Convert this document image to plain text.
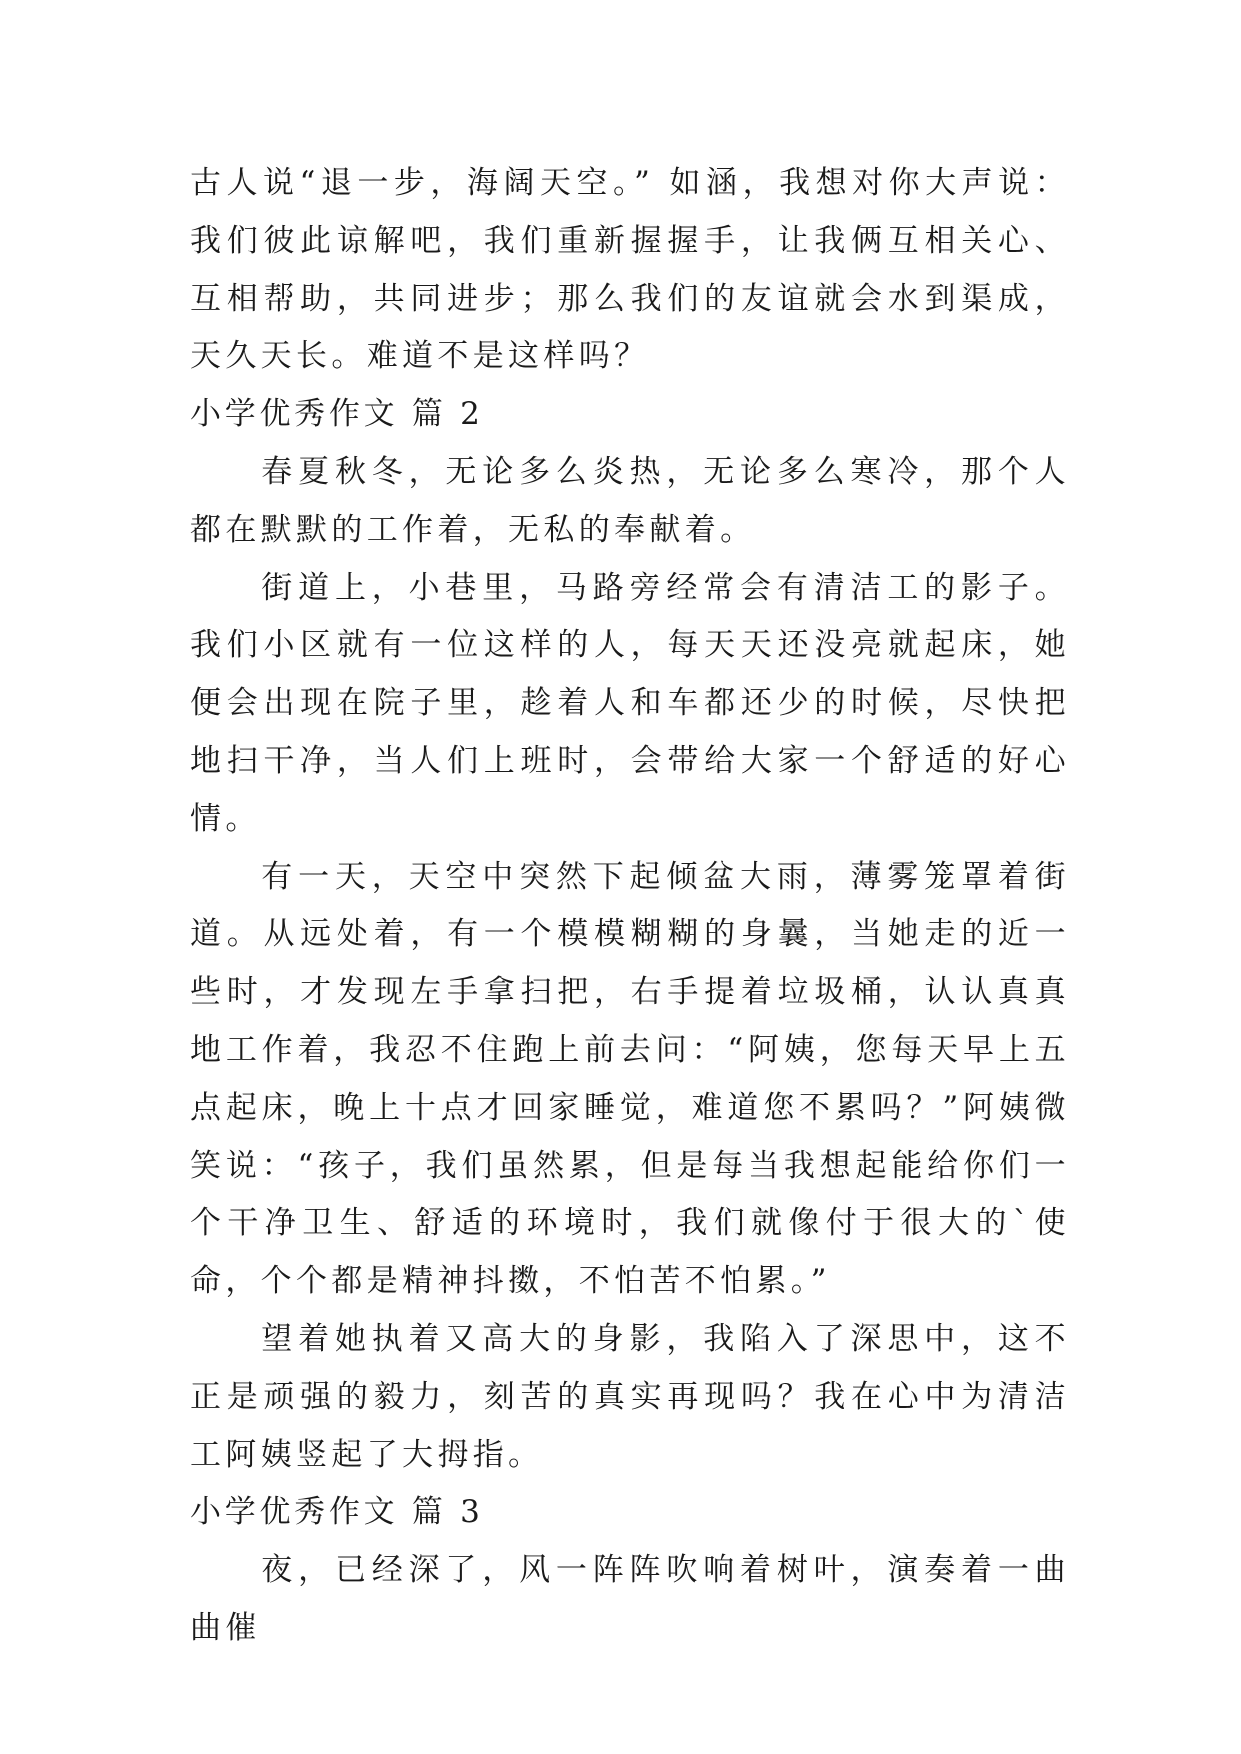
古人说“退一步，海阔天空。” 如涵，我想对你大声说：我们彼此谅解吧，我们重新握握手，让我俩互相关心、互相帮助，共同进步；那么我们的友谊就会水到渠成，天久天长。难道不是这样吗？

小学优秀作文 篇 2

春夏秋冬，无论多么炎热，无论多么寒冷，那个人都在默默的工作着，无私的奉献着。

街道上，小巷里，马路旁经常会有清洁工的影子。我们小区就有一位这样的人，每天天还没亮就起床，她便会出现在院子里，趁着人和车都还少的时候，尽快把地扫干净，当人们上班时，会带给大家一个舒适的好心情。

有一天，天空中突然下起倾盆大雨，薄雾笼罩着街道。从远处着，有一个模模糊糊的身曩，当她走的近一些时，才发现左手拿扫把，右手提着垃圾桶，认认真真地工作着，我忍不住跑上前去问：“阿姨，您每天早上五点起床，晚上十点才回家睡觉，难道您不累吗？”阿姨微笑说：“孩子，我们虽然累，但是每当我想起能给你们一个干净卫生、舒适的环境时，我们就像付于很大的`使命，个个都是精神抖擞，不怕苦不怕累。”

望着她执着又高大的身影，我陷入了深思中，这不正是顽强的毅力，刻苦的真实再现吗？我在心中为清洁工阿姨竖起了大拇指。

小学优秀作文 篇 3

夜，已经深了，风一阵阵吹响着树叶，演奏着一曲曲催
